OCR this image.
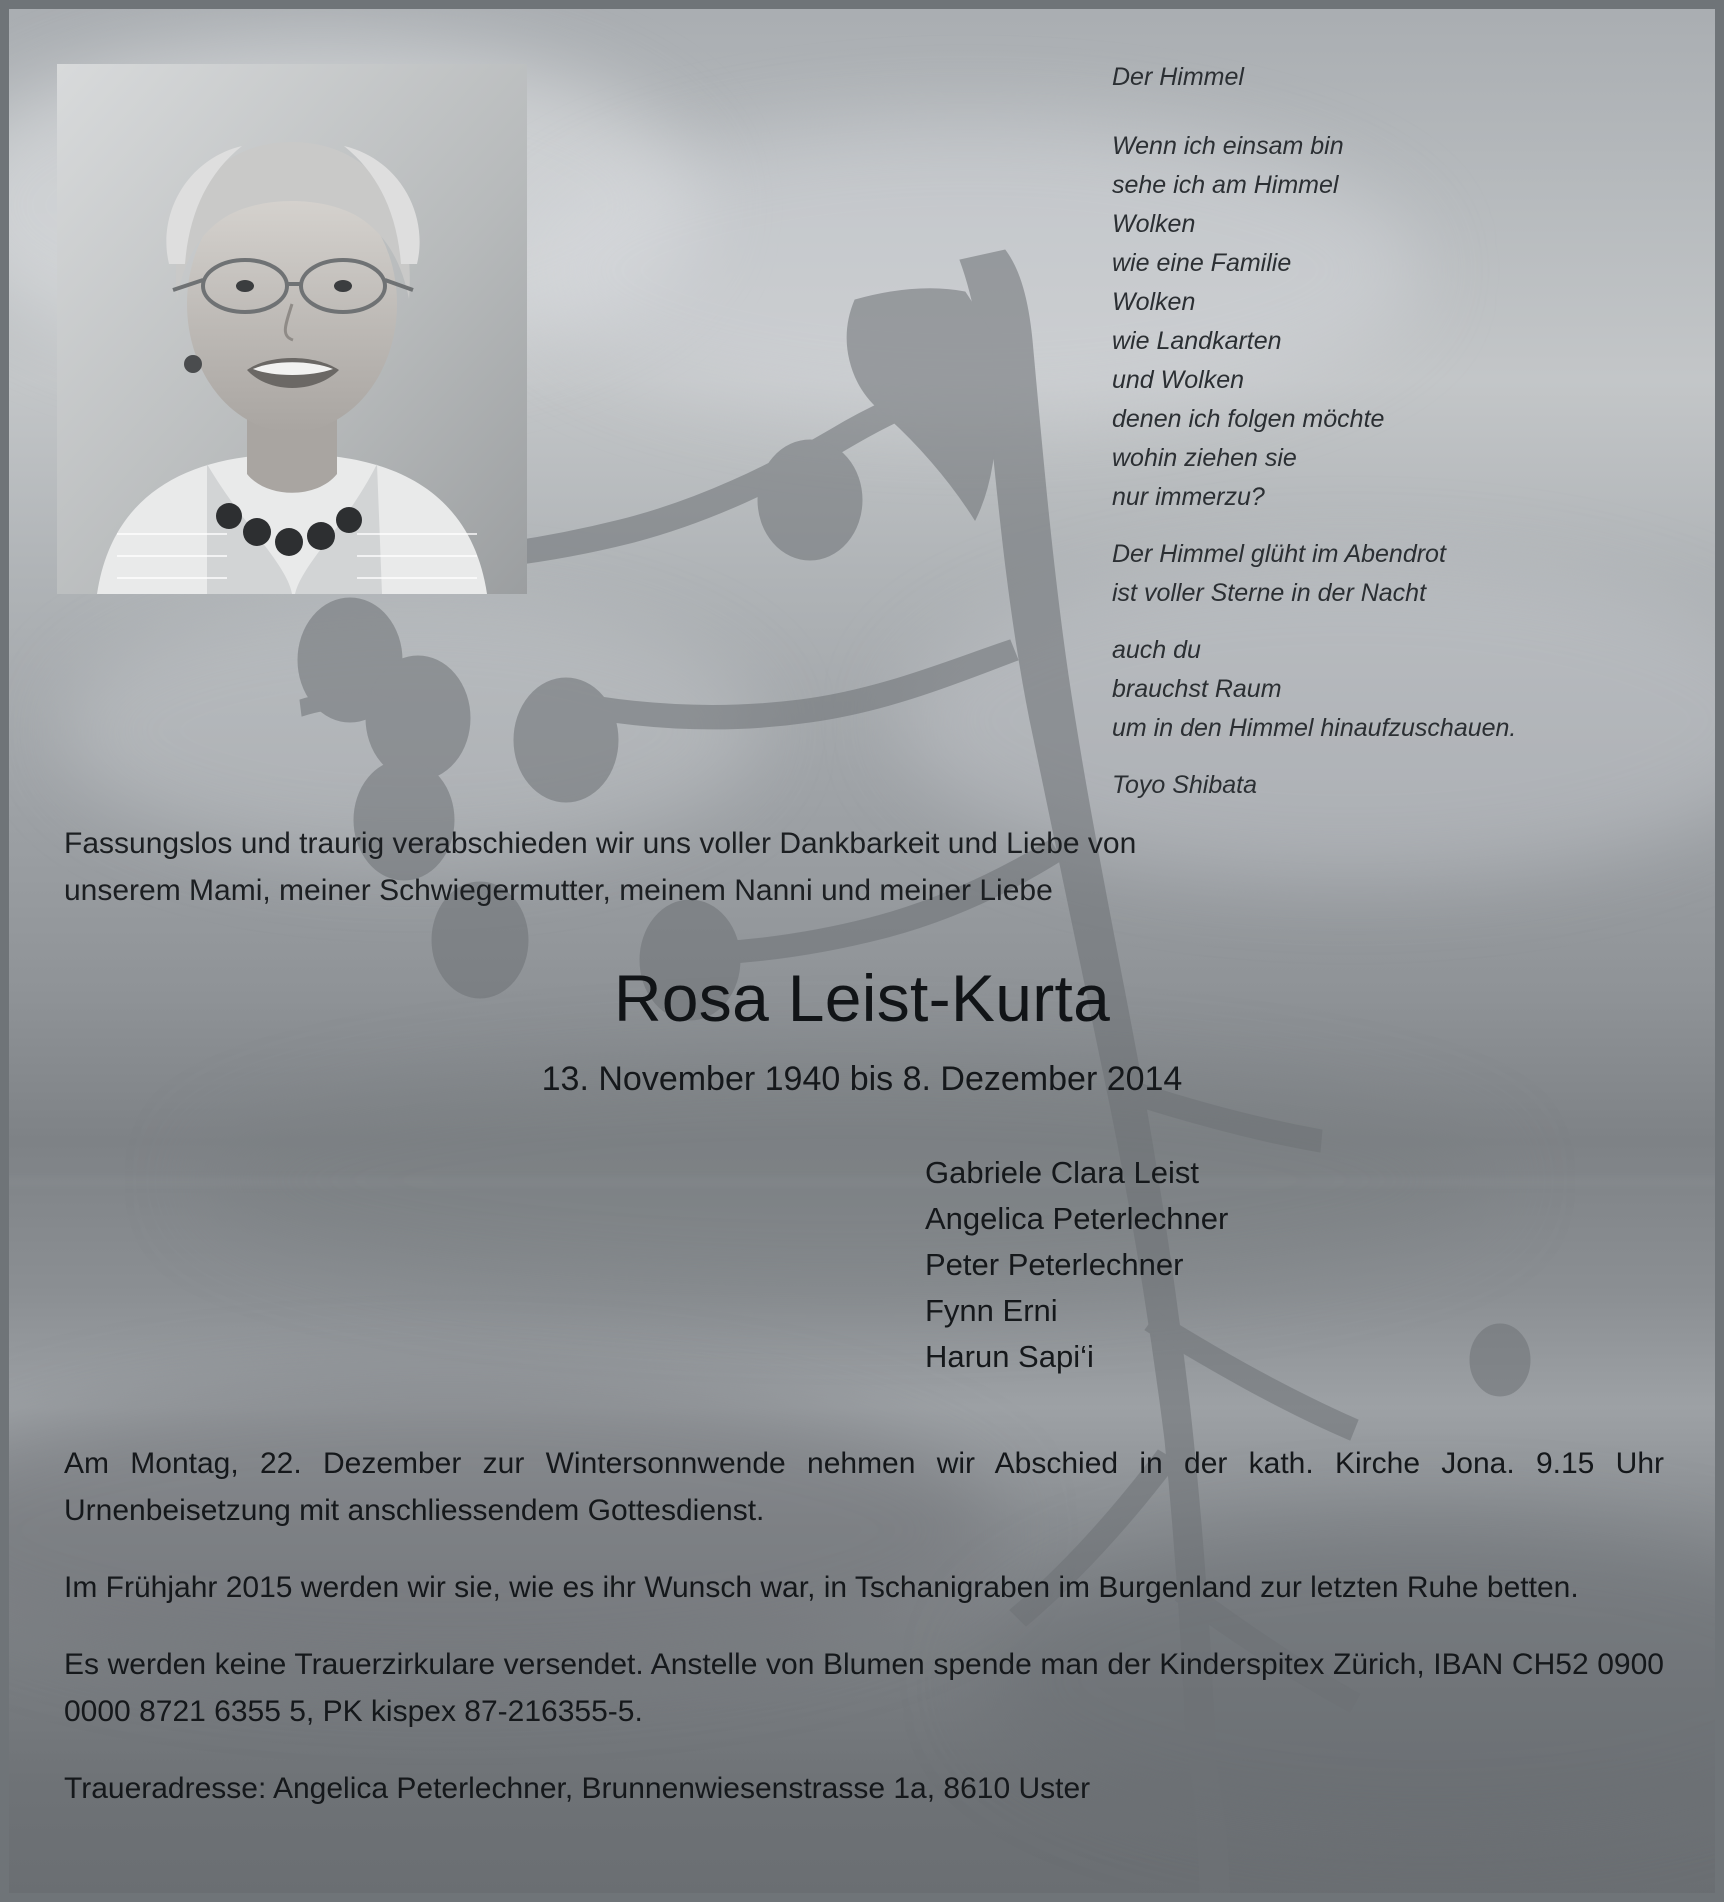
Der Himmel
Wenn ich einsam bin
sehe ich am Himmel
Wolken
wie eine Familie
Wolken
wie Landkarten
und Wolken
denen ich folgen möchte
wohin ziehen sie
nur immerzu?
Der Himmel glüht im Abendrot
ist voller Sterne in der Nacht
auch du
brauchst Raum
um in den Himmel hinaufzuschauen.
Toyo Shibata
Fassungslos und traurig verabschieden wir uns voller Dankbarkeit und Liebe von
unserem Mami, meiner Schwiegermutter, meinem Nanni und meiner Liebe
Rosa Leist-Kurta
13. November 1940 bis 8. Dezember 2014
Gabriele Clara Leist
Angelica Peterlechner
Peter Peterlechner
Fynn Erni
Harun Sapi‘i

Am Montag, 22. Dezember zur Wintersonnwende nehmen wir Abschied in der kath. Kirche Jona. 9.15 Uhr Urnenbeisetzung mit anschliessendem Gottesdienst.

Im Frühjahr 2015 werden wir sie, wie es ihr Wunsch war, in Tschanigraben im Burgenland zur letzten Ruhe betten.

Es werden keine Trauerzirkulare versendet. Anstelle von Blumen spende man der Kinderspitex Zürich, IBAN CH52 0900 0000 8721 6355 5, PK kispex 87-216355-5.

Traueradresse: Angelica Peterlechner, Brunnenwiesenstrasse 1a, 8610 Uster
